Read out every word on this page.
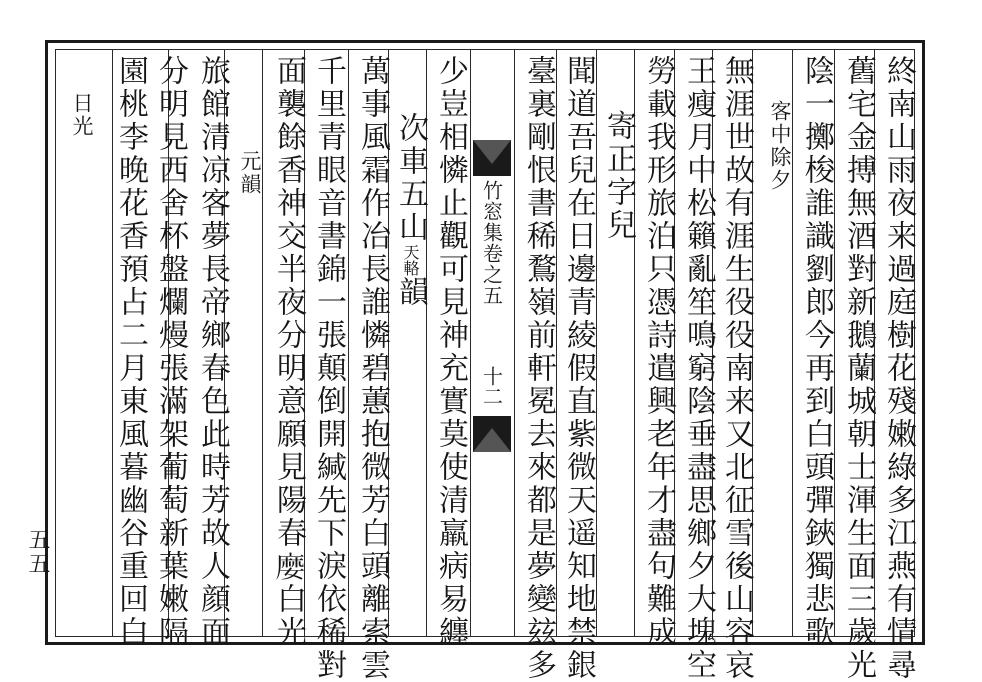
終南山雨夜来過庭樹花殘嫩綠多江燕有情尋
舊宅金搏無酒對新鵝蘭城朝士渾生面三歲光
陰一擲梭誰識劉郎今再到白頭彈鋏獨悲歌
客中除夕
無涯世故有涯生役役南来又北征雪後山容哀
王瘦月中松籟亂笙鳴窮陰垂盡思鄉夕大塊空
勞載我形旅泊只憑詩遣興老年才盡句難成
寄正字兒
聞道吾兒在日邊青綾假直紫微天遥知地禁銀
臺裏剛恨書稀鶩嶺前軒冕去來都是夢變玆多
竹窓集卷之五
十二
少豈相憐止觀可見神充實莫使清羸病易纏
次車五山天輅韻
萬事風霜作冶長誰憐碧蕙抱微芳白頭離索雲
千里青眼音書錦一張顛倒開緘先下淚依稀對
面襲餘香神交半夜分明意願見陽春𡡉白光
元韻
旅館清凉客夢長帝鄉春色此時芳故人顔面
分明見西舍杯盤爛熳張滿架葡萄新葉嫩隔
園桃李晚花香預占二月東風暮幽谷重回白
日光
五五
